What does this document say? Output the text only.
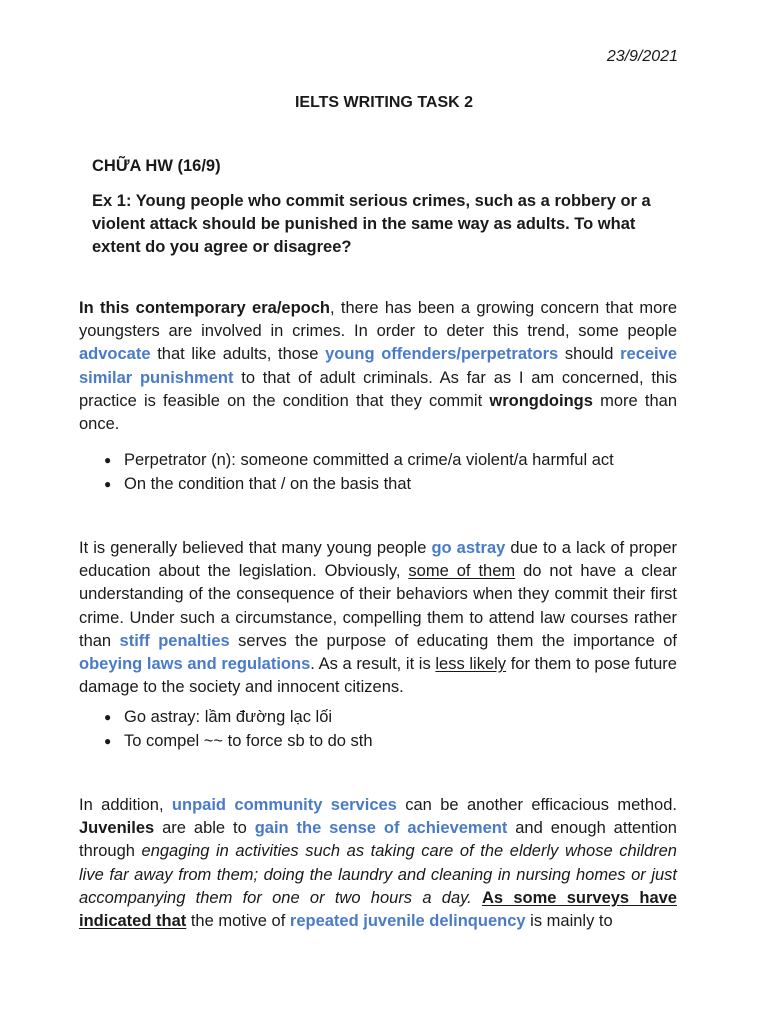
23/9/2021
IELTS WRITING TASK 2
CHỮA HW (16/9)
Ex 1: Young people who commit serious crimes, such as a robbery or a violent attack should be punished in the same way as adults. To what extent do you agree or disagree?
In this contemporary era/epoch, there has been a growing concern that more youngsters are involved in crimes. In order to deter this trend, some people advocate that like adults, those young offenders/perpetrators should receive similar punishment to that of adult criminals. As far as I am concerned, this practice is feasible on the condition that they commit wrongdoings more than once.
● Perpetrator (n): someone committed a crime/a violent/a harmful act
● On the condition that / on the basis that
It is generally believed that many young people go astray due to a lack of proper education about the legislation. Obviously, some of them do not have a clear understanding of the consequence of their behaviors when they commit their first crime. Under such a circumstance, compelling them to attend law courses rather than stiff penalties serves the purpose of educating them the importance of obeying laws and regulations. As a result, it is less likely for them to pose future damage to the society and innocent citizens.
● Go astray: lầm đường lạc lối
● To compel ~~ to force sb to do sth
In addition, unpaid community services can be another efficacious method. Juveniles are able to gain the sense of achievement and enough attention through engaging in activities such as taking care of the elderly whose children live far away from them; doing the laundry and cleaning in nursing homes or just accompanying them for one or two hours a day. As some surveys have indicated that the motive of repeated juvenile delinquency is mainly to
